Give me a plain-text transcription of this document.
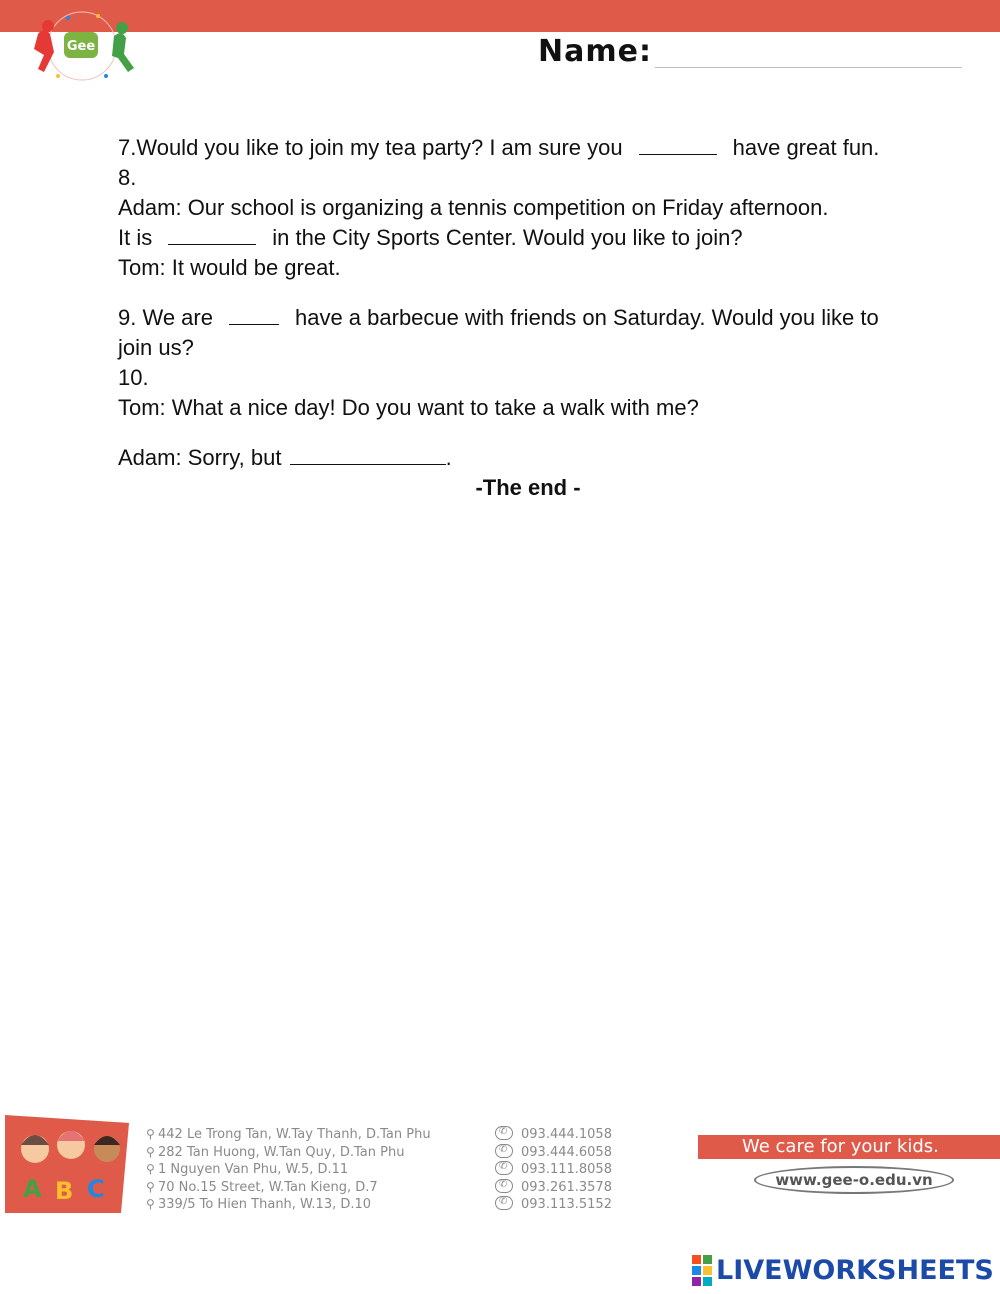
Gee	Name:

7.Would you like to join my tea party? I am sure you	have great fun.

8.

Adam: Our school is organizing a tennis competition on Friday afternoon.

It is	in the City Sports Center. Would you like to join?

Tom: It would be great.

9. We are	have a barbecue with friends on Saturday. Would you like to join us?

10.

Tom: What a nice day! Do you want to take a walk with me?

Adam: Sorry, but	.

-The end -

A B C
⚲ 442 Le Trong Tan, W.Tay Thanh, D.Tan Phu
⚲ 282 Tan Huong, W.Tan Quy, D.Tan Phu
⚲ 1 Nguyen Van Phu, W.5, D.11
⚲ 70 No.15 Street, W.Tan Kieng, D.7
⚲ 339/5 To Hien Thanh, W.13, D.10
✆093.444.1058
✆093.444.6058
✆093.111.8058
✆093.261.3578
✆093.113.5152
We care for your kids.
www.gee-o.edu.vn
LIVEWORKSHEETS
